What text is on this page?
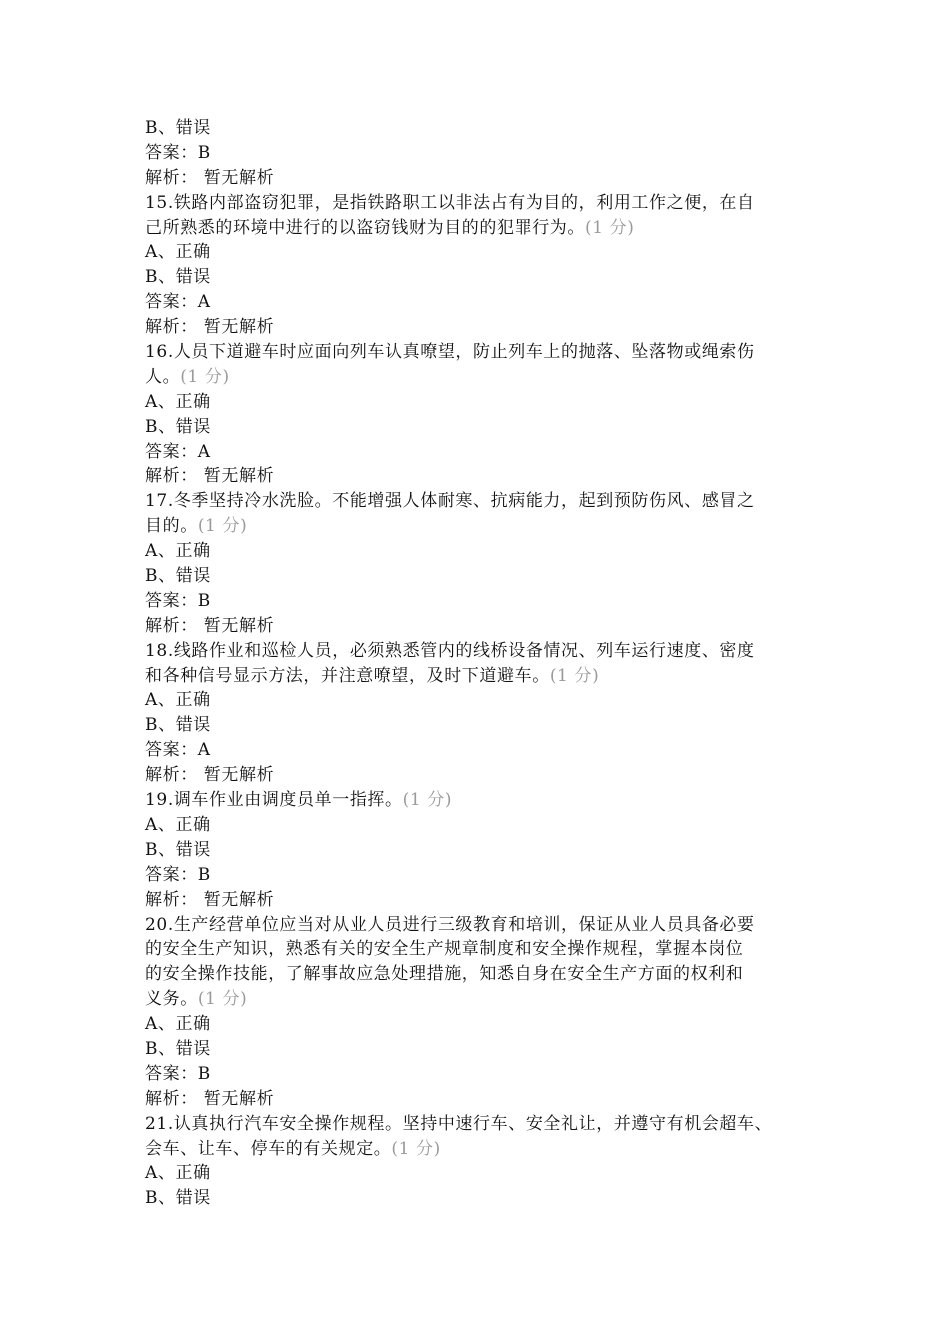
B、错误
答案：B
解析： 暂无解析
15.铁路内部盗窃犯罪，是指铁路职工以非法占有为目的，利用工作之便，在自
己所熟悉的环境中进行的以盗窃钱财为目的的犯罪行为。(1 分)
A、正确
B、错误
答案：A
解析： 暂无解析
16.人员下道避车时应面向列车认真嘹望，防止列车上的抛落、坠落物或绳索伤
人。(1 分)
A、正确
B、错误
答案：A
解析： 暂无解析
17.冬季坚持冷水洗脸。不能增强人体耐寒、抗病能力，起到预防伤风、感冒之
目的。(1 分)
A、正确
B、错误
答案：B
解析： 暂无解析
18.线路作业和巡检人员，必须熟悉管内的线桥设备情况、列车运行速度、密度
和各种信号显示方法，并注意嘹望，及时下道避车。(1 分)
A、正确
B、错误
答案：A
解析： 暂无解析
19.调车作业由调度员单一指挥。(1 分)
A、正确
B、错误
答案：B
解析： 暂无解析
20.生产经营单位应当对从业人员进行三级教育和培训，保证从业人员具备必要
的安全生产知识，熟悉有关的安全生产规章制度和安全操作规程，掌握本岗位
的安全操作技能，了解事故应急处理措施，知悉自身在安全生产方面的权利和
义务。(1 分)
A、正确
B、错误
答案：B
解析： 暂无解析
21.认真执行汽车安全操作规程。坚持中速行车、安全礼让，并遵守有机会超车、
会车、让车、停车的有关规定。(1 分)
A、正确
B、错误
